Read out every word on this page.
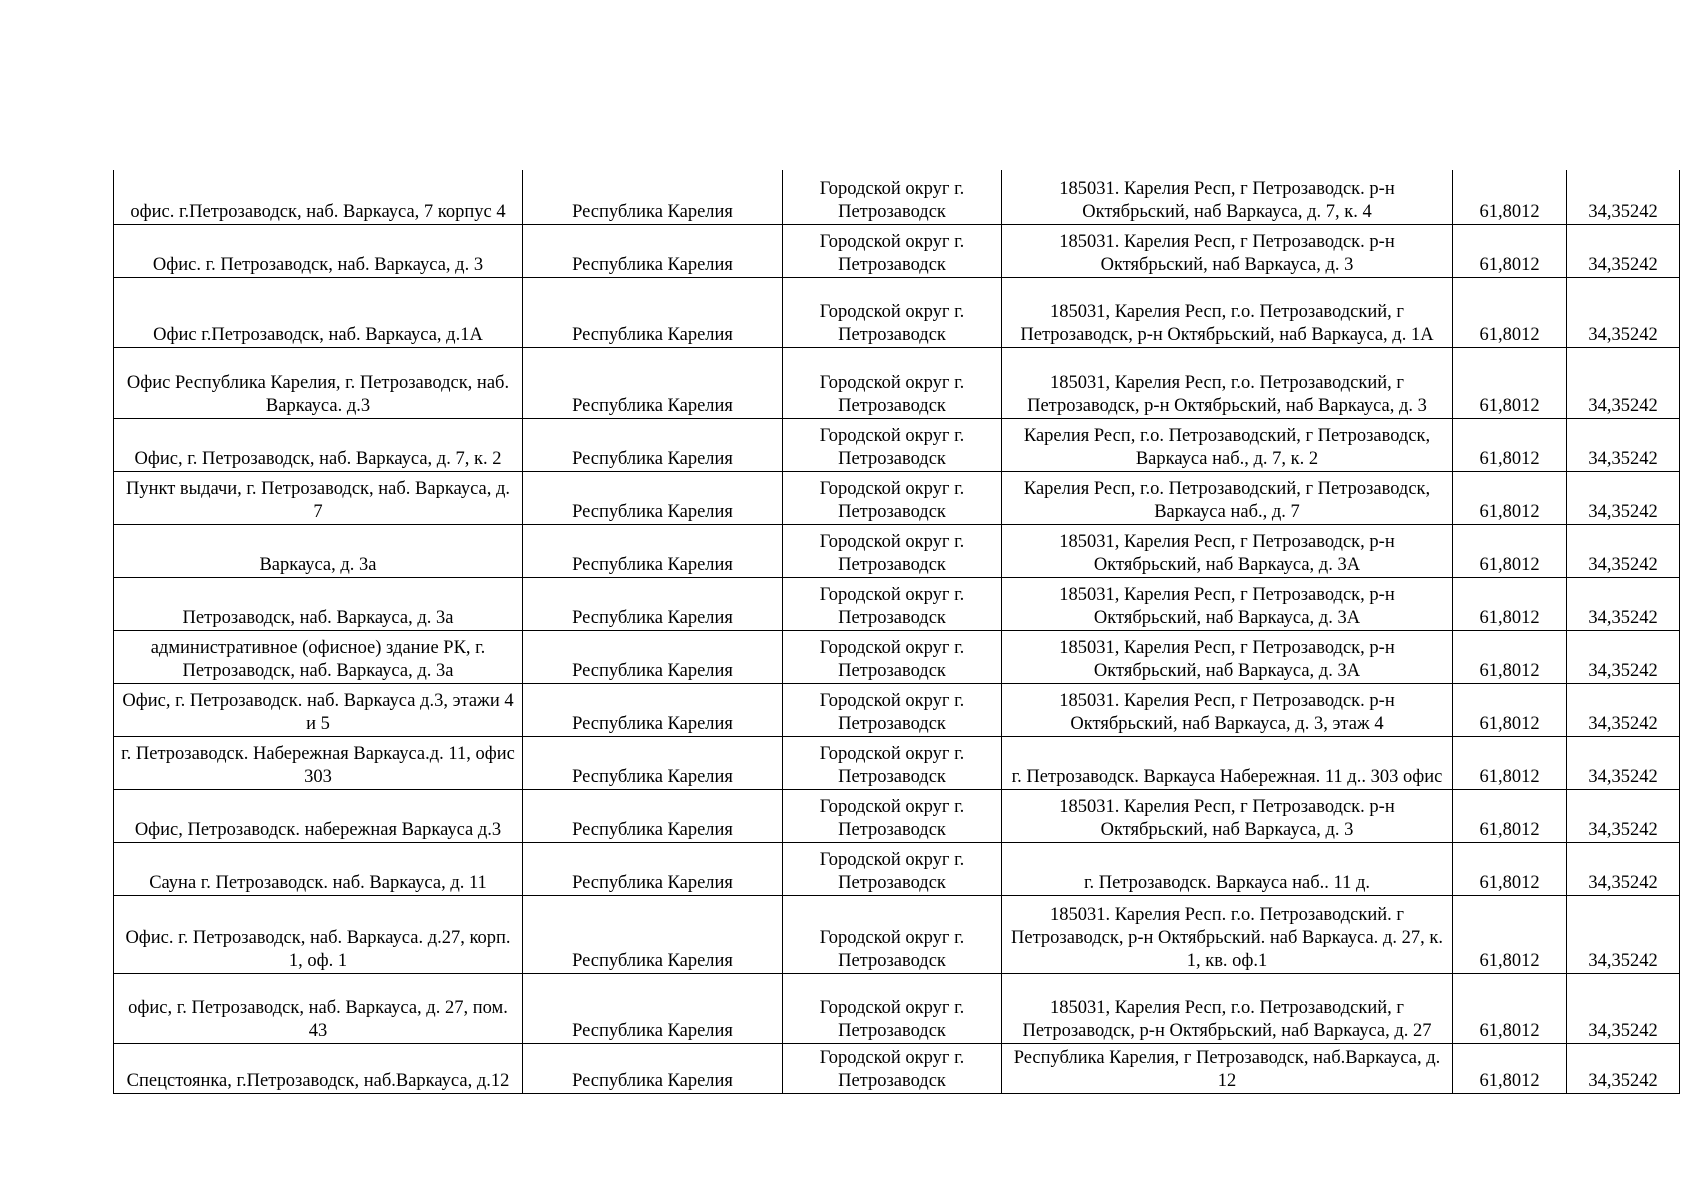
офис. г.Петрозаводск, наб. Варкауса, 7 корпус 4	Республика Карелия	Городской округ г. Петрозаводск	185031. Карелия Респ, г Петрозаводск. р-н Октябрьский, наб Варкауса, д. 7, к. 4	61,8012	34,35242
Офис. г. Петрозаводск, наб. Варкауса, д. 3	Республика Карелия	Городской округ г. Петрозаводск	185031. Карелия Респ, г Петрозаводск. р-н Октябрьский, наб Варкауса, д. 3	61,8012	34,35242
Офис г.Петрозаводск, наб. Варкауса, д.1А	Республика Карелия	Городской округ г. Петрозаводск	185031, Карелия Респ, г.о. Петрозаводский, г Петрозаводск, р-н Октябрьский, наб Варкауса, д. 1А	61,8012	34,35242
Офис Республика Карелия, г. Петрозаводск, наб. Варкауса. д.3	Республика Карелия	Городской округ г. Петрозаводск	185031, Карелия Респ, г.о. Петрозаводский, г Петрозаводск, р-н Октябрьский, наб Варкауса, д. 3	61,8012	34,35242
Офис, г. Петрозаводск, наб. Варкауса, д. 7, к. 2	Республика Карелия	Городской округ г. Петрозаводск	Карелия Респ, г.о. Петрозаводский, г Петрозаводск, Варкауса наб., д. 7, к. 2	61,8012	34,35242
Пункт выдачи, г. Петрозаводск, наб. Варкауса, д. 7	Республика Карелия	Городской округ г. Петрозаводск	Карелия Респ, г.о. Петрозаводский, г Петрозаводск, Варкауса наб., д. 7	61,8012	34,35242
Варкауса, д. 3а	Республика Карелия	Городской округ г. Петрозаводск	185031, Карелия Респ, г Петрозаводск, р-н Октябрьский, наб Варкауса, д. 3А	61,8012	34,35242
Петрозаводск, наб. Варкауса, д. 3а	Республика Карелия	Городской округ г. Петрозаводск	185031, Карелия Респ, г Петрозаводск, р-н Октябрьский, наб Варкауса, д. 3А	61,8012	34,35242
административное (офисное) здание РК, г. Петрозаводск, наб. Варкауса, д. 3а	Республика Карелия	Городской округ г. Петрозаводск	185031, Карелия Респ, г Петрозаводск, р-н Октябрьский, наб Варкауса, д. 3А	61,8012	34,35242
Офис, г. Петрозаводск. наб. Варкауса д.3, этажи 4 и 5	Республика Карелия	Городской округ г. Петрозаводск	185031. Карелия Респ, г Петрозаводск. р-н Октябрьский, наб Варкауса, д. 3, этаж 4	61,8012	34,35242
г. Петрозаводск. Набережная Варкауса.д. 11, офис 303	Республика Карелия	Городской округ г. Петрозаводск	г. Петрозаводск. Варкауса Набережная. 11 д.. 303 офис	61,8012	34,35242
Офис, Петрозаводск. набережная Варкауса д.3	Республика Карелия	Городской округ г. Петрозаводск	185031. Карелия Респ, г Петрозаводск. р-н Октябрьский, наб Варкауса, д. 3	61,8012	34,35242
Сауна г. Петрозаводск. наб. Варкауса, д. 11	Республика Карелия	Городской округ г. Петрозаводск	г. Петрозаводск. Варкауса наб.. 11 д.	61,8012	34,35242
Офис. г. Петрозаводск, наб. Варкауса. д.27, корп. 1, оф. 1	Республика Карелия	Городской округ г. Петрозаводск	185031. Карелия Респ. г.о. Петрозаводский. г Петрозаводск, р-н Октябрьский. наб Варкауса. д. 27, к. 1, кв. оф.1	61,8012	34,35242
офис, г. Петрозаводск, наб. Варкауса, д. 27, пом. 43	Республика Карелия	Городской округ г. Петрозаводск	185031, Карелия Респ, г.о. Петрозаводский, г Петрозаводск, р-н Октябрьский, наб Варкауса, д. 27	61,8012	34,35242
Спецстоянка, г.Петрозаводск, наб.Варкауса, д.12	Республика Карелия	Городской округ г. Петрозаводск	Республика Карелия, г Петрозаводск, наб.Варкауса, д. 12	61,8012	34,35242
